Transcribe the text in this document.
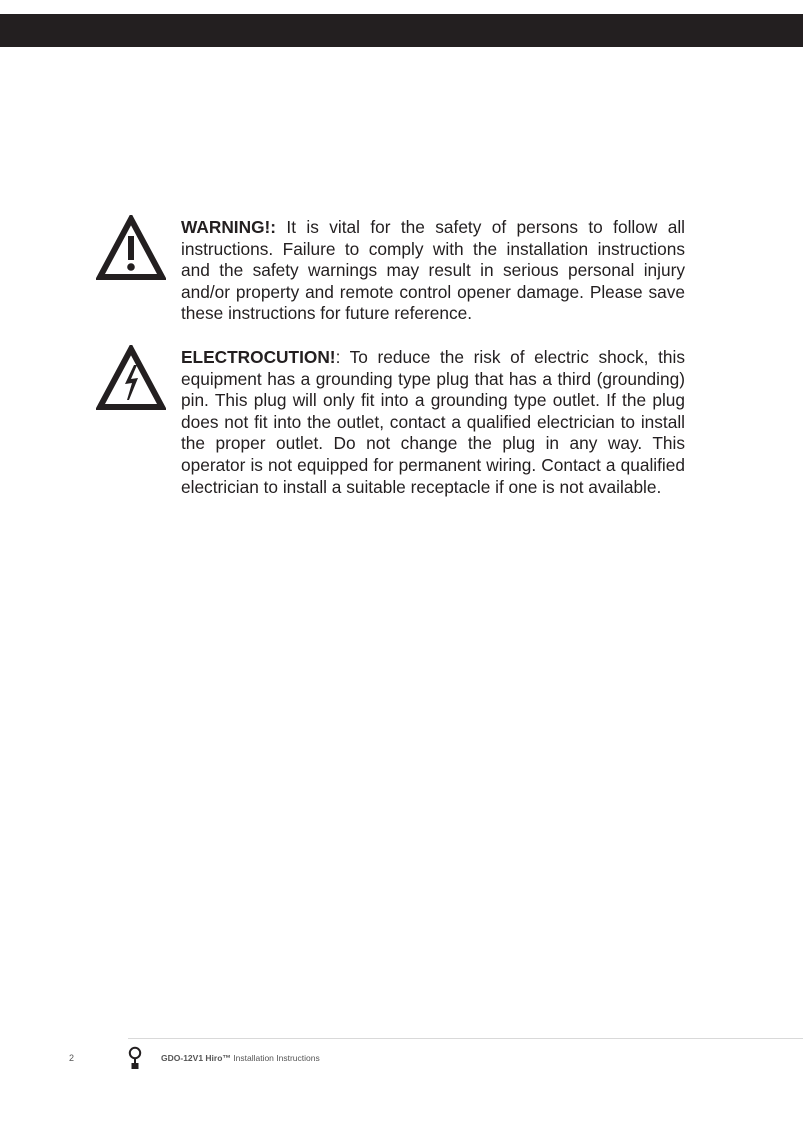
WARNING!: It is vital for the safety of persons to follow all instructions. Failure to comply with the installation instructions and the safety warnings may result in serious personal injury and/or property and remote control opener damage. Please save these instructions for future reference.

ELECTROCUTION!: To reduce the risk of electric shock, this equipment has a grounding type plug that has a third (grounding) pin. This plug will only fit into a grounding type outlet. If the plug does not fit into the outlet, contact a qualified electrician to install the proper outlet. Do not change the plug in any way. This operator is not equipped for permanent wiring. Contact a qualified electrician to install a suitable receptacle if one is not available.

2	GDO-12V1 Hiro™ Installation Instructions
